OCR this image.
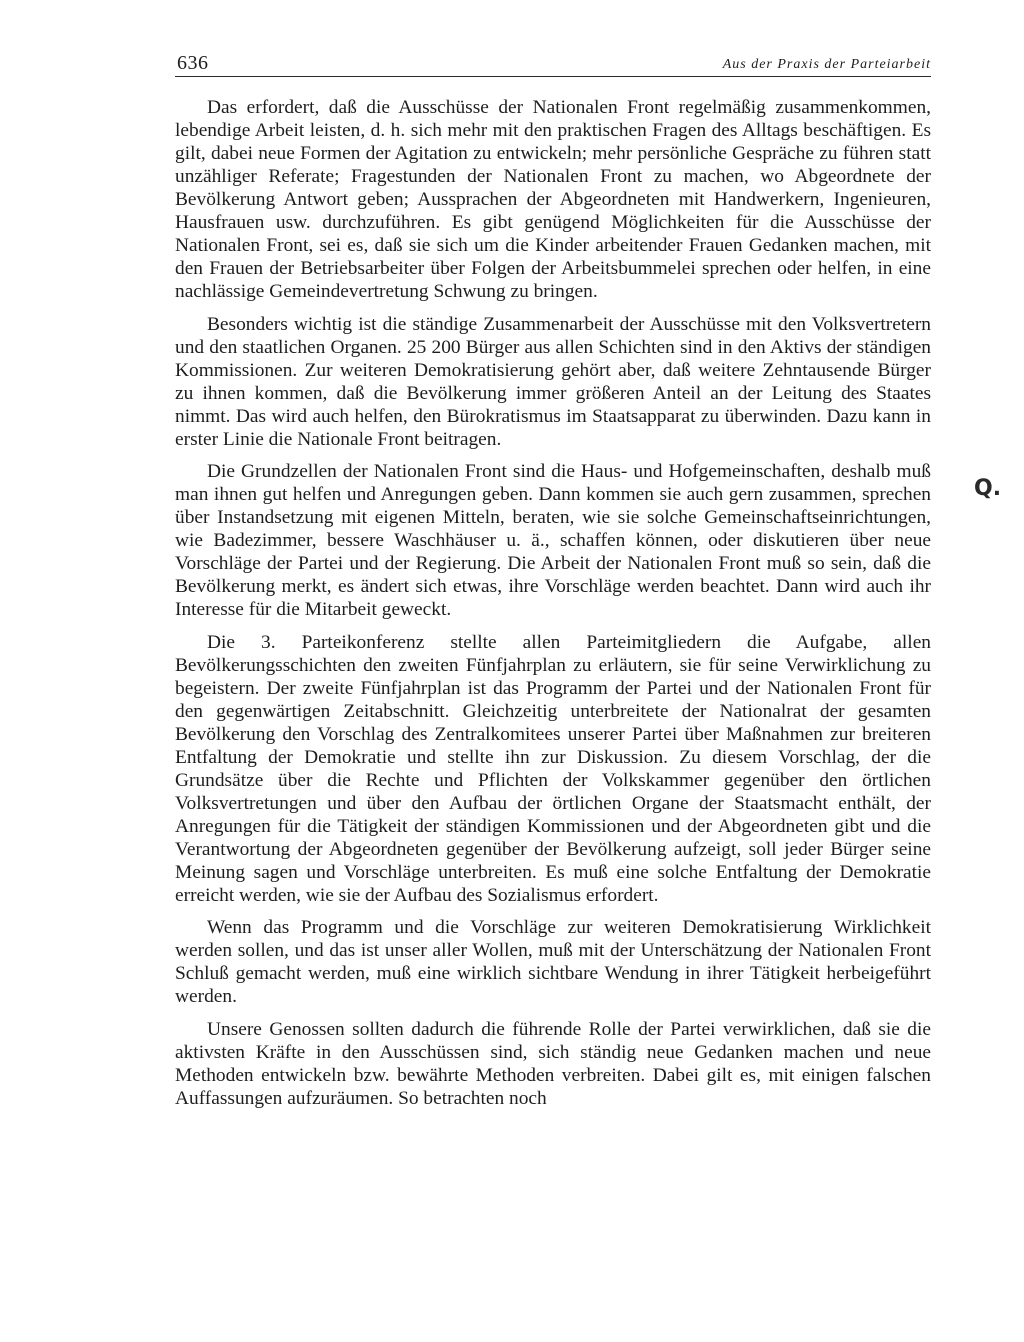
636	Aus der Praxis der Parteiarbeit

Das erfordert, daß die Ausschüsse der Nationalen Front regelmäßig zusammenkommen, lebendige Arbeit leisten, d. h. sich mehr mit den praktischen Fragen des Alltags beschäftigen. Es gilt, dabei neue Formen der Agitation zu entwickeln; mehr persönliche Gespräche zu führen statt unzähliger Referate; Fragestunden der Nationalen Front zu machen, wo Abgeordnete der Bevölkerung Antwort geben; Aussprachen der Abgeordneten mit Handwerkern, Ingenieuren, Hausfrauen usw. durchzuführen. Es gibt genügend Möglichkeiten für die Ausschüsse der Nationalen Front, sei es, daß sie sich um die Kinder arbeitender Frauen Gedanken machen, mit den Frauen der Betriebsarbeiter über Folgen der Arbeitsbummelei sprechen oder helfen, in eine nachlässige Gemeindevertretung Schwung zu bringen.

Besonders wichtig ist die ständige Zusammenarbeit der Ausschüsse mit den Volksvertretern und den staatlichen Organen. 25 200 Bürger aus allen Schichten sind in den Aktivs der ständigen Kommissionen. Zur weiteren Demokratisierung gehört aber, daß weitere Zehntausende Bürger zu ihnen kommen, daß die Bevölkerung immer größeren Anteil an der Leitung des Staates nimmt. Das wird auch helfen, den Bürokratismus im Staatsapparat zu überwinden. Dazu kann in erster Linie die Nationale Front beitragen.

Die Grundzellen der Nationalen Front sind die Haus- und Hofgemeinschaften, deshalb muß man ihnen gut helfen und Anregungen geben. Dann kommen sie auch gern zusammen, sprechen über Instandsetzung mit eigenen Mitteln, beraten, wie sie solche Gemeinschaftseinrichtungen, wie Badezimmer, bessere Waschhäuser u. ä., schaffen können, oder diskutieren über neue Vorschläge der Partei und der Regierung. Die Arbeit der Nationalen Front muß so sein, daß die Bevölkerung merkt, es ändert sich etwas, ihre Vorschläge werden beachtet. Dann wird auch ihr Interesse für die Mitarbeit geweckt.

Die 3. Parteikonferenz stellte allen Parteimitgliedern die Aufgabe, allen Bevölkerungsschichten den zweiten Fünfjahrplan zu erläutern, sie für seine Verwirklichung zu begeistern. Der zweite Fünfjahrplan ist das Programm der Partei und der Nationalen Front für den gegenwärtigen Zeitabschnitt. Gleichzeitig unterbreitete der Nationalrat der gesamten Bevölkerung den Vorschlag des Zentralkomitees unserer Partei über Maßnahmen zur breiteren Entfaltung der Demokratie und stellte ihn zur Diskussion. Zu diesem Vorschlag, der die Grundsätze über die Rechte und Pflichten der Volkskammer gegenüber den örtlichen Volksvertretungen und über den Aufbau der örtlichen Organe der Staatsmacht enthält, der Anregungen für die Tätigkeit der ständigen Kommissionen und der Abgeordneten gibt und die Verantwortung der Abgeordneten gegenüber der Bevölkerung aufzeigt, soll jeder Bürger seine Meinung sagen und Vorschläge unterbreiten. Es muß eine solche Entfaltung der Demokratie erreicht werden, wie sie der Aufbau des Sozialismus erfordert.

Wenn das Programm und die Vorschläge zur weiteren Demokratisierung Wirklichkeit werden sollen, und das ist unser aller Wollen, muß mit der Unterschätzung der Nationalen Front Schluß gemacht werden, muß eine wirklich sichtbare Wendung in ihrer Tätigkeit herbeigeführt werden.

Unsere Genossen sollten dadurch die führende Rolle der Partei verwirklichen, daß sie die aktivsten Kräfte in den Ausschüssen sind, sich ständig neue Gedanken machen und neue Methoden entwickeln bzw. bewährte Methoden verbreiten. Dabei gilt es, mit einigen falschen Auffassungen aufzuräumen. So betrachten noch

Q.
